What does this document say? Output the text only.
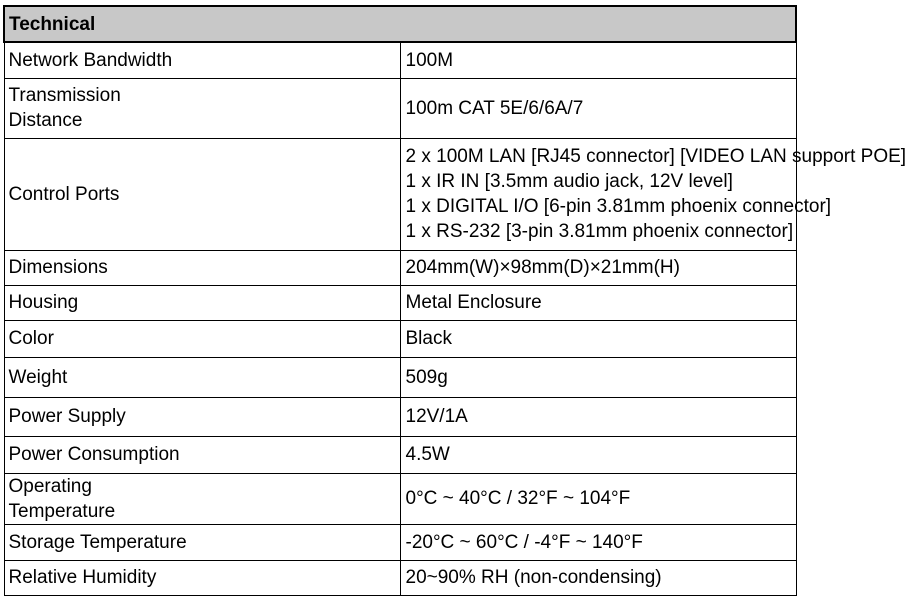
Technical	

Network Bandwidth	100M

Transmission
Distance	100m CAT 5E/6/6A/7

Control Ports	2 x 100M LAN [RJ45 connector] [VIDEO LAN support POE]
1 x IR IN [3.5mm audio jack, 12V level]
1 x DIGITAL I/O [6-pin 3.81mm phoenix connector]
1 x RS-232 [3-pin 3.81mm phoenix connector]

Dimensions	204mm(W)×98mm(D)×21mm(H)

Housing	Metal Enclosure

Color	Black

Weight	509g

Power Supply	12V/1A

Power Consumption	4.5W

Operating
Temperature	0°C ~ 40°C / 32°F ~ 104°F

Storage Temperature	-20°C ~ 60°C / -4°F ~ 140°F

Relative Humidity	20~90% RH (non-condensing)
